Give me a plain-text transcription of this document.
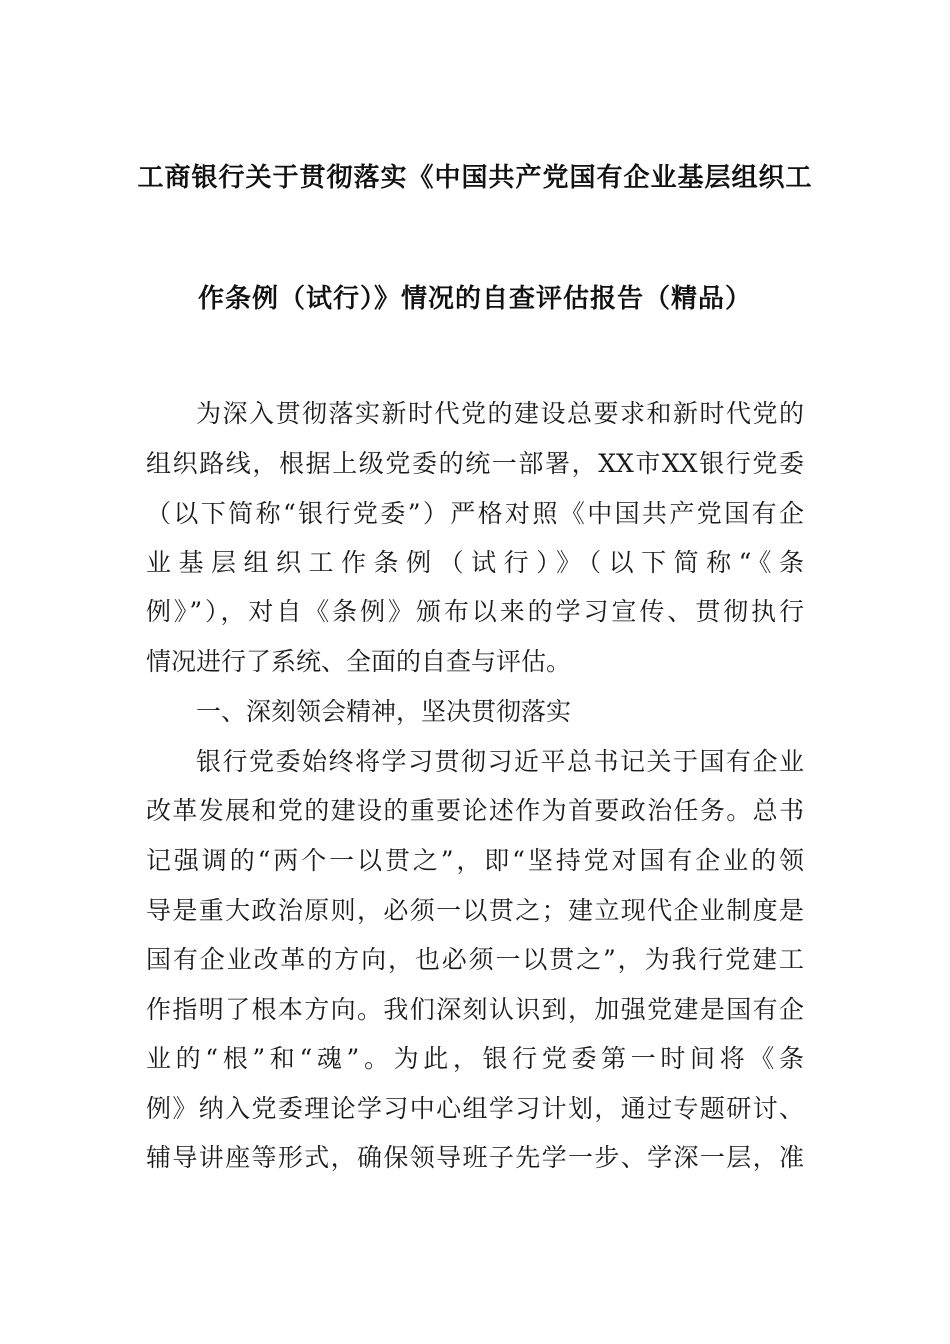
工商银行关于贯彻落实《中国共产党国有企业基层组织工
作条例（试行）》情况的自查评估报告（精品）
为深入贯彻落实新时代党的建设总要求和新时代党的
组织路线，根据上级党委的统一部署，XX市XX银行党委
（以下简称“银行党委”）严格对照《中国共产党国有企
业基层组织工作条例（试行）》（以下简称“《条
例》”），对自《条例》颁布以来的学习宣传、贯彻执行
情况进行了系统、全面的自查与评估。
一、深刻领会精神，坚决贯彻落实
银行党委始终将学习贯彻习近平总书记关于国有企业
改革发展和党的建设的重要论述作为首要政治任务。总书
记强调的“两个一以贯之”，即“坚持党对国有企业的领
导是重大政治原则，必须一以贯之；建立现代企业制度是
国有企业改革的方向，也必须一以贯之”，为我行党建工
作指明了根本方向。我们深刻认识到，加强党建是国有企
业的“根”和“魂”。为此，银行党委第一时间将《条
例》纳入党委理论学习中心组学习计划，通过专题研讨、
辅导讲座等形式，确保领导班子先学一步、学深一层，准
